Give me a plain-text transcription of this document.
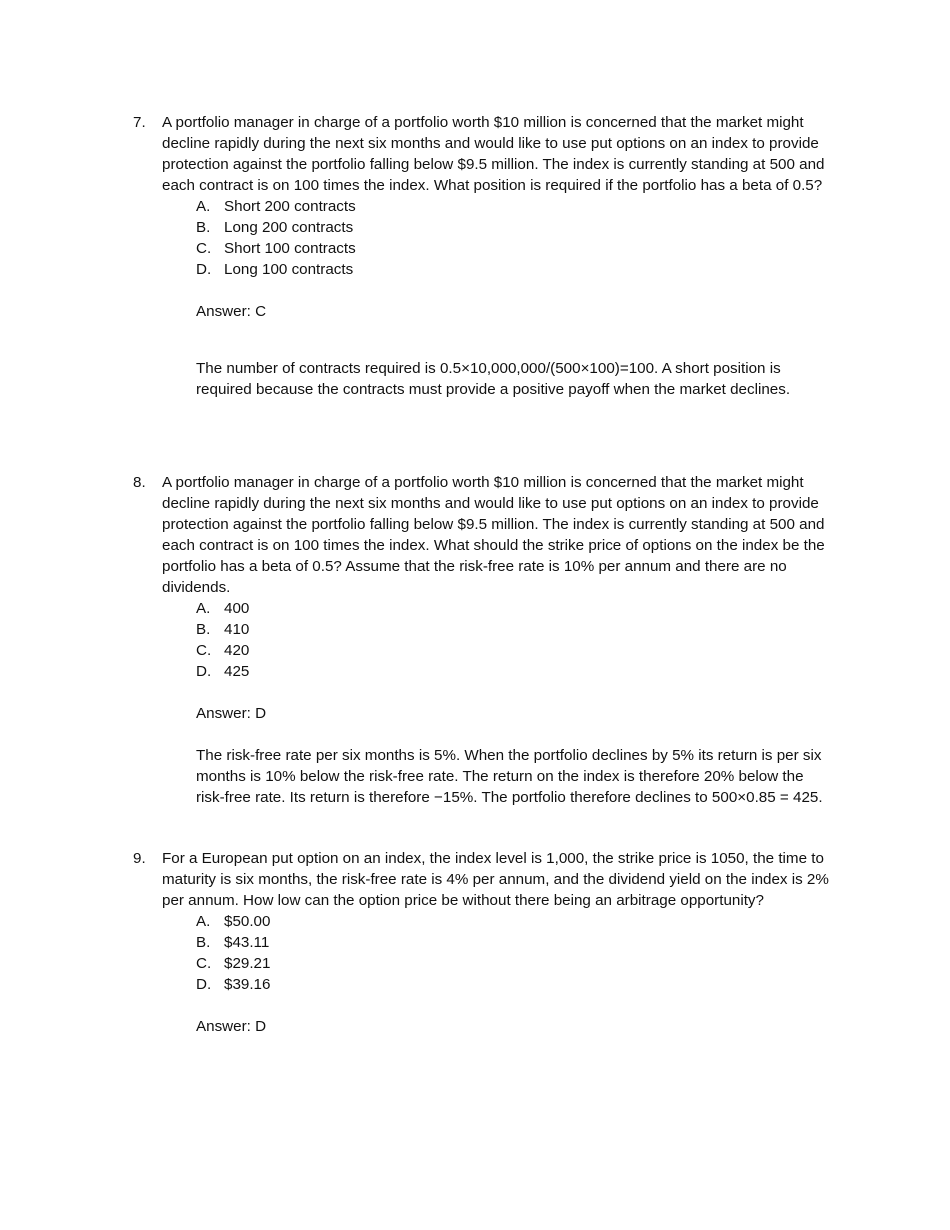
7.	A portfolio manager in charge of a portfolio worth $10 million is concerned that the market might decline rapidly during the next six months and would like to use put options on an index to provide protection against the portfolio falling below $9.5 million. The index is currently standing at 500 and each contract is on 100 times the index. What position is required if the portfolio has a beta of 0.5?
A. Short 200 contracts
B. Long 200 contracts
C. Short 100 contracts
D. Long 100 contracts
Answer: C
The number of contracts required is 0.5×10,000,000/(500×100)=100. A short position is required because the contracts must provide a positive payoff when the market declines.
8.	A portfolio manager in charge of a portfolio worth $10 million is concerned that the market might decline rapidly during the next six months and would like to use put options on an index to provide protection against the portfolio falling below $9.5 million. The index is currently standing at 500 and each contract is on 100 times the index. What should the strike price of options on the index be the portfolio has a beta of 0.5? Assume that the risk-free rate is 10% per annum and there are no dividends.
A. 400
B. 410
C. 420
D. 425
Answer: D
The risk-free rate per six months is 5%. When the portfolio declines by 5% its return is per six months is 10% below the risk-free rate. The return on the index is therefore 20% below the risk-free rate. Its return is therefore −15%. The portfolio therefore declines to 500×0.85 = 425.
9.	For a European put option on an index, the index level is 1,000, the strike price is 1050, the time to maturity is six months, the risk-free rate is 4% per annum, and the dividend yield on the index is 2% per annum. How low can the option price be without there being an arbitrage opportunity?
A. $50.00
B. $43.11
C. $29.21
D. $39.16
Answer: D
